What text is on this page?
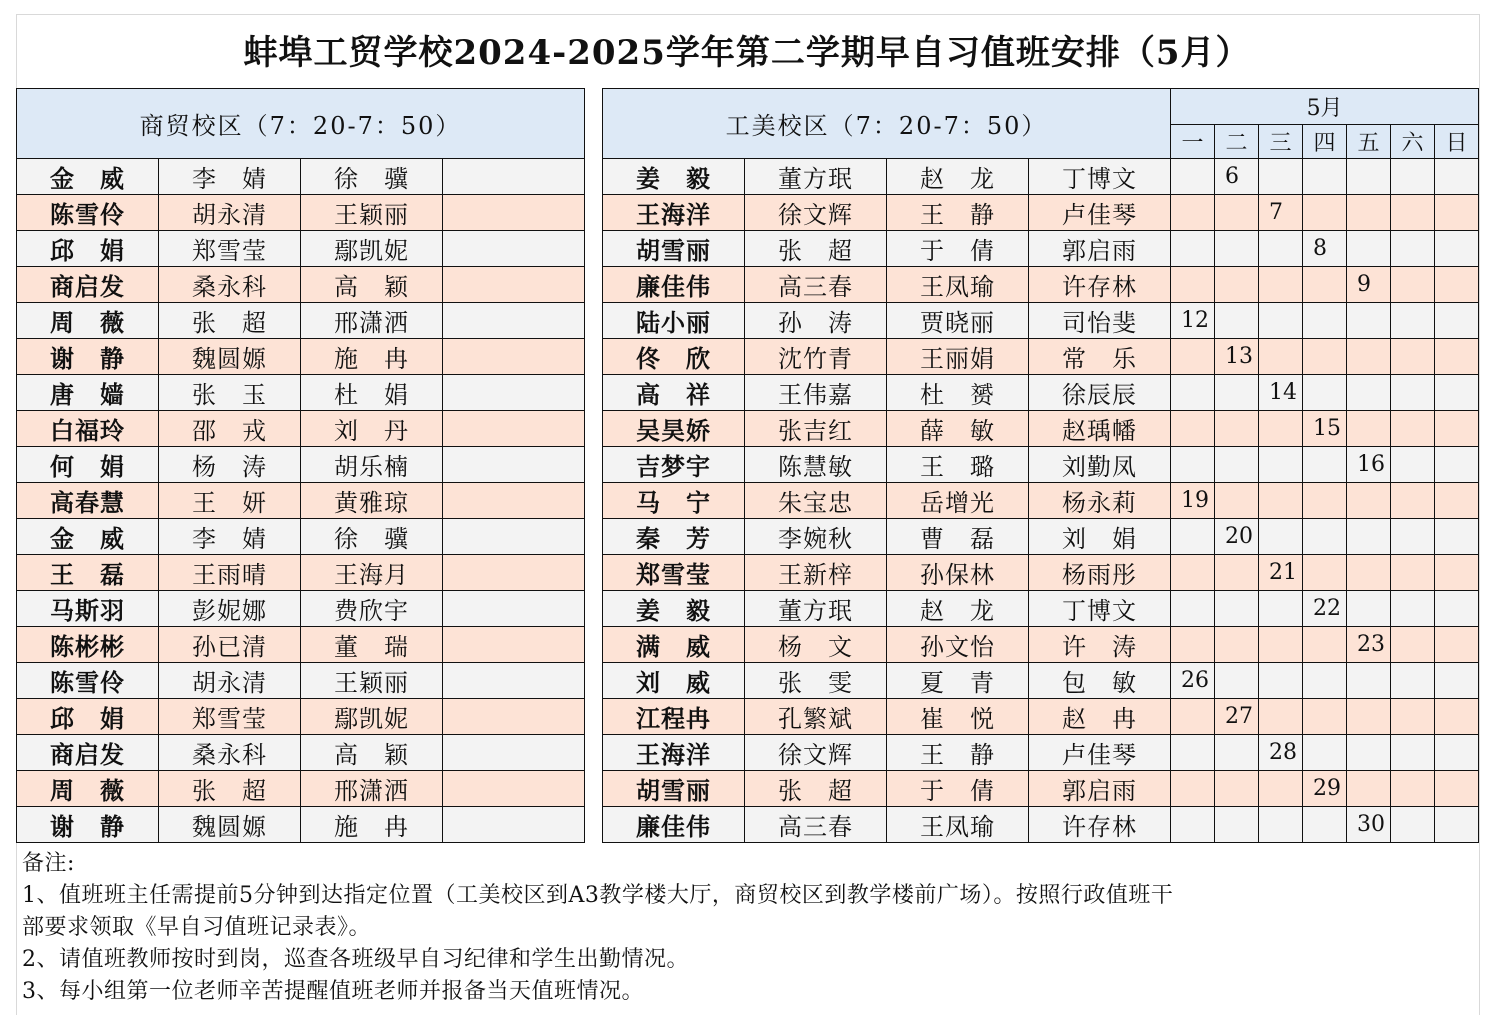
蚌埠工贸学校2024-2025学年第二学期早自习值班安排（5月）
商贸校区（7：20-7：50）			
金　威	李　婧	徐　骥	
陈雪伶	胡永清	王颖丽	
邱　娟	郑雪莹	鄢凯妮	
商启发	桑永科	高　颖	
周　薇	张　超	邢潇洒	
谢　静	魏圆嫄	施　冉	
唐　嫱	张　玉	杜　娟	
白福玲	邵　戎	刘　丹	
何　娟	杨　涛	胡乐楠	
高春慧	王　妍	黄雅琼	
金　威	李　婧	徐　骥	
王　磊	王雨晴	王海月	
马斯羽	彭妮娜	费欣宇	
陈彬彬	孙已清	董　瑞	
陈雪伶	胡永清	王颖丽	
邱　娟	郑雪莹	鄢凯妮	
商启发	桑永科	高　颖	
周　薇	张　超	邢潇洒	
谢　静	魏圆嫄	施　冉	
工美校区（7：20-7：50）				5月						
				一	二	三	四	五	六	日
姜　毅	董方珉	赵　龙	丁博文		6					
王海洋	徐文辉	王　静	卢佳琴			7				
胡雪丽	张　超	于　倩	郭启雨				8			
廉佳伟	高三春	王凤瑜	许存林					9		
陆小丽	孙　涛	贾晓丽	司怡斐	12						
佟　欣	沈竹青	王丽娟	常　乐		13					
高　祥	王伟嘉	杜　赟	徐辰辰			14				
吴昊娇	张吉红	薛　敏	赵瑀幡				15			
吉梦宇	陈慧敏	王　璐	刘勤凤					16		
马　宁	朱宝忠	岳增光	杨永莉	19						
秦　芳	李婉秋	曹　磊	刘　娟		20					
郑雪莹	王新梓	孙保林	杨雨彤			21				
姜　毅	董方珉	赵　龙	丁博文				22			
满　威	杨　文	孙文怡	许　涛					23		
刘　威	张　雯	夏　青	包　敏	26						
江程冉	孔繁斌	崔　悦	赵　冉		27					
王海洋	徐文辉	王　静	卢佳琴			28				
胡雪丽	张　超	于　倩	郭启雨				29			
廉佳伟	高三春	王凤瑜	许存林					30		
备注:
1、值班班主任需提前5分钟到达指定位置（工美校区到A3教学楼大厅，商贸校区到教学楼前广场）。按照行政值班干
部要求领取《早自习值班记录表》。
2、请值班教师按时到岗，巡查各班级早自习纪律和学生出勤情况。
3、每小组第一位老师辛苦提醒值班老师并报备当天值班情况。
